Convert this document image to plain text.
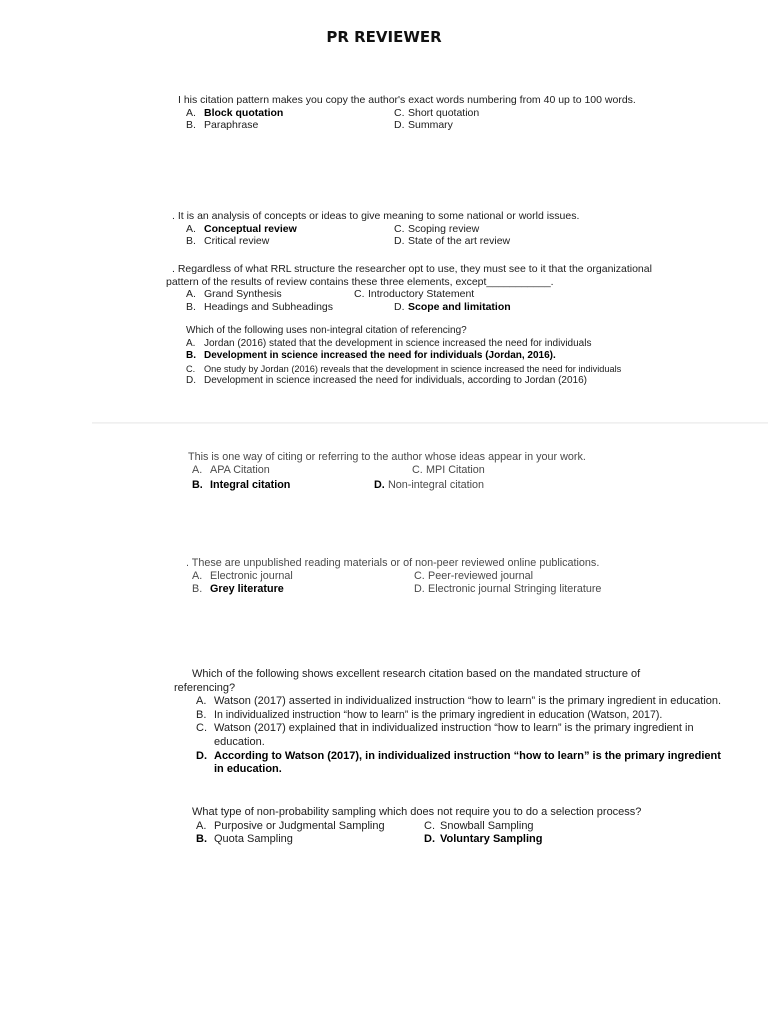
PR REVIEWER
I his citation pattern makes you copy the author's exact words numbering from 40 up to 100 words.
A. Block quotation	C. Short quotation
B. Paraphrase	D. Summary
. It is an analysis of concepts or ideas to give meaning to some national or world issues.
A. Conceptual review	C. Scoping review
B. Critical review	D. State of the art review
. Regardless of what RRL structure the researcher opt to use, they must see to it that the organizational
pattern of the results of review contains these three elements, except___________.
A. Grand Synthesis	C. Introductory Statement
B. Headings and Subheadings	D. Scope and limitation
Which of the following uses non-integral citation of referencing?
A. Jordan (2016) stated that the development in science increased the need for individuals
B. Development in science increased the need for individuals (Jordan, 2016).
C. One study by Jordan (2016) reveals that the development in science increased the need for individuals
D. Development in science increased the need for individuals, according to Jordan (2016)
This is one way of citing or referring to the author whose ideas appear in your work.
A. APA Citation	C. MPI Citation
B. Integral citation	D. Non-integral citation
. These are unpublished reading materials or of non-peer reviewed online publications.
A. Electronic journal	C. Peer-reviewed journal
B. Grey literature	D. Electronic journal Stringing literature
Which of the following shows excellent research citation based on the mandated structure of
referencing?
A. Watson (2017) asserted in individualized instruction “how to learn” is the primary ingredient in education.
B. In individualized instruction “how to learn” is the primary ingredient in education (Watson, 2017).
C. Watson (2017) explained that in individualized instruction “how to learn” is the primary ingredient in education.
D. According to Watson (2017), in individualized instruction “how to learn” is the primary ingredient in education.
What type of non-probability sampling which does not require you to do a selection process?
A. Purposive or Judgmental Sampling	C. Snowball Sampling
B. Quota Sampling	D. Voluntary Sampling
